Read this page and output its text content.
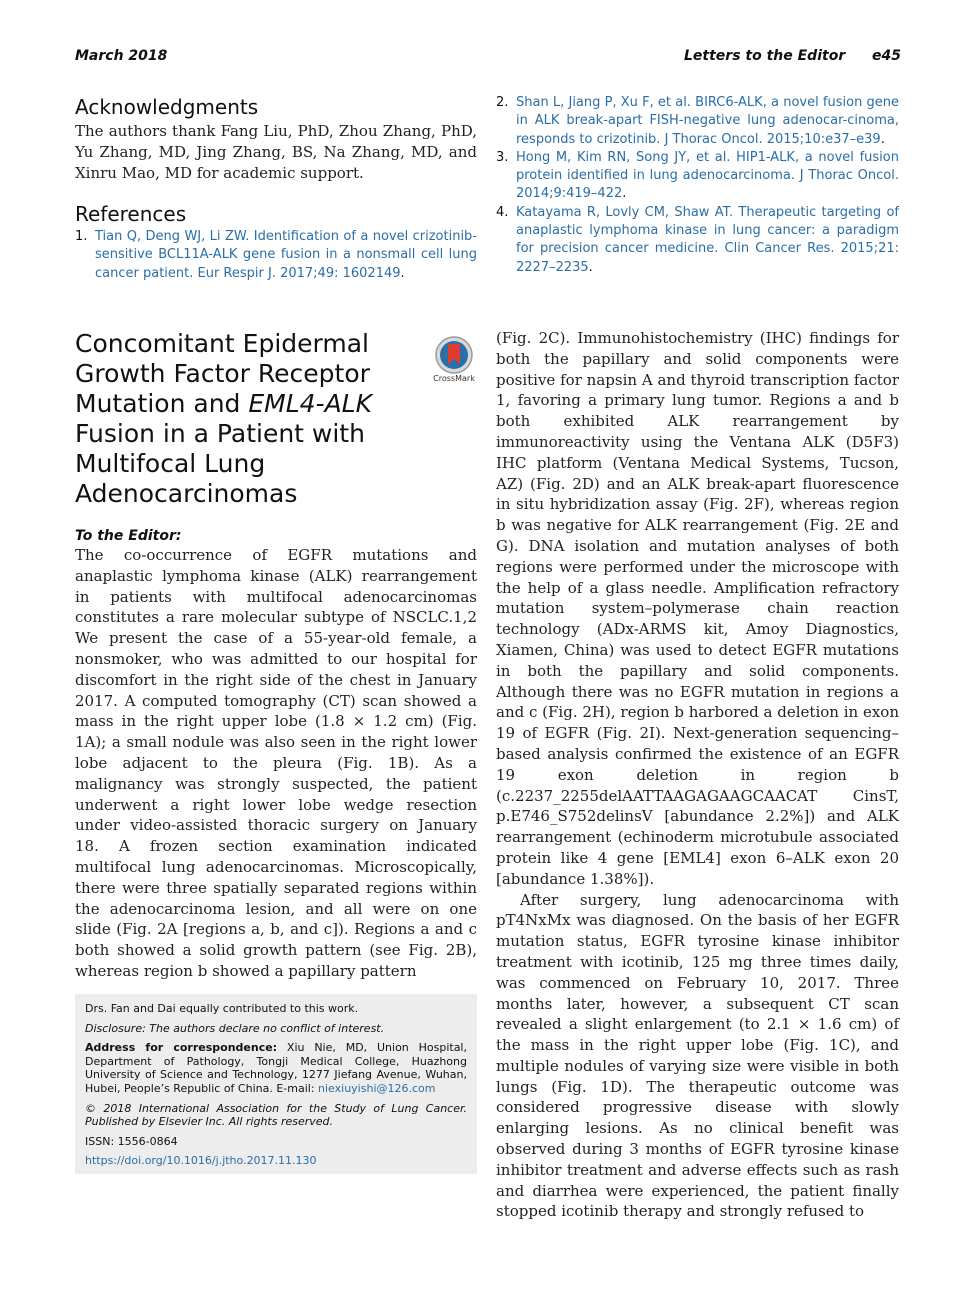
March 2018	Letters to the Editor e45
Acknowledgments

The authors thank Fang Liu, PhD, Zhou Zhang, PhD, Yu Zhang, MD, Jing Zhang, BS, Na Zhang, MD, and Xinru Mao, MD for academic support.

References
1. Tian Q, Deng WJ, Li ZW. Identification of a novel crizotinib-sensitive BCL11A-ALK gene fusion in a nonsmall cell lung cancer patient. Eur Respir J. 2017;49: 1602149.
2. Shan L, Jiang P, Xu F, et al. BIRC6-ALK, a novel fusion gene in ALK break-apart FISH-negative lung adenocar-cinoma, responds to crizotinib. J Thorac Oncol. 2015;10:e37–e39.
3. Hong M, Kim RN, Song JY, et al. HIP1-ALK, a novel fusion protein identified in lung adenocarcinoma. J Thorac Oncol. 2014;9:419–422.
4. Katayama R, Lovly CM, Shaw AT. Therapeutic targeting of anaplastic lymphoma kinase in lung cancer: a paradigm for precision cancer medicine. Clin Cancer Res. 2015;21: 2227–2235.
Concomitant Epidermal
Growth Factor Receptor
Mutation and EML4-ALK
Fusion in a Patient with
Multifocal Lung
Adenocarcinomas
CrossMark
To the Editor:

The co-occurrence of EGFR mutations and anaplastic lymphoma kinase (ALK) rearrangement in patients with multifocal adenocarcinomas constitutes a rare molecular subtype of NSCLC.1,2 We present the case of a 55-year-old female, a nonsmoker, who was admitted to our hospital for discomfort in the right side of the chest in January 2017. A computed tomography (CT) scan showed a mass in the right upper lobe (1.8 × 1.2 cm) (Fig. 1A); a small nodule was also seen in the right lower lobe adjacent to the pleura (Fig. 1B). As a malignancy was strongly suspected, the patient underwent a right lower lobe wedge resection under video-assisted thoracic surgery on January 18. A frozen section examination indicated multifocal lung adenocarcinomas. Microscopically, there were three spatially separated regions within the adenocarcinoma lesion, and all were on one slide (Fig. 2A [regions a, b, and c]). Regions a and c both showed a solid growth pattern (see Fig. 2B), whereas region b showed a papillary pattern

(Fig. 2C). Immunohistochemistry (IHC) findings for both the papillary and solid components were positive for napsin A and thyroid transcription factor 1, favoring a primary lung tumor. Regions a and b both exhibited ALK rearrangement by immunoreactivity using the Ventana ALK (D5F3) IHC platform (Ventana Medical Systems, Tucson, AZ) (Fig. 2D) and an ALK break-apart fluorescence in situ hybridization assay (Fig. 2F), whereas region b was negative for ALK rearrangement (Fig. 2E and G). DNA isolation and mutation analyses of both regions were performed under the microscope with the help of a glass needle. Amplification refractory mutation system–polymerase chain reaction technology (ADx-ARMS kit, Amoy Diagnostics, Xiamen, China) was used to detect EGFR mutations in both the papillary and solid components. Although there was no EGFR mutation in regions a and c (Fig. 2H), region b harbored a deletion in exon 19 of EGFR (Fig. 2I). Next-generation sequencing–based analysis confirmed the existence of an EGFR 19 exon deletion in region b (c.2237_2255delAATTAAGAGAAGCAACAT CinsT, p.E746_S752delinsV [abundance 2.2%]) and ALK rearrangement (echinoderm microtubule associated protein like 4 gene [EML4] exon 6–ALK exon 20 [abundance 1.38%]).

After surgery, lung adenocarcinoma with pT4NxMx was diagnosed. On the basis of her EGFR mutation status, EGFR tyrosine kinase inhibitor treatment with icotinib, 125 mg three times daily, was commenced on February 10, 2017. Three months later, however, a subsequent CT scan revealed a slight enlargement (to 2.1 × 1.6 cm) of the mass in the right upper lobe (Fig. 1C), and multiple nodules of varying size were visible in both lungs (Fig. 1D). The therapeutic outcome was considered progressive disease with slowly enlarging lesions. As no clinical benefit was observed during 3 months of EGFR tyrosine kinase inhibitor treatment and adverse effects such as rash and diarrhea were experienced, the patient finally stopped icotinib therapy and strongly refused to

Drs. Fan and Dai equally contributed to this work.

Disclosure: The authors declare no conflict of interest.

Address for correspondence: Xiu Nie, MD, Union Hospital, Department of Pathology, Tongji Medical College, Huazhong University of Science and Technology, 1277 Jiefang Avenue, Wuhan, Hubei, People’s Republic of China. E-mail: niexiuyishi@126.com

© 2018 International Association for the Study of Lung Cancer. Published by Elsevier Inc. All rights reserved.

ISSN: 1556-0864

https://doi.org/10.1016/j.jtho.2017.11.130
